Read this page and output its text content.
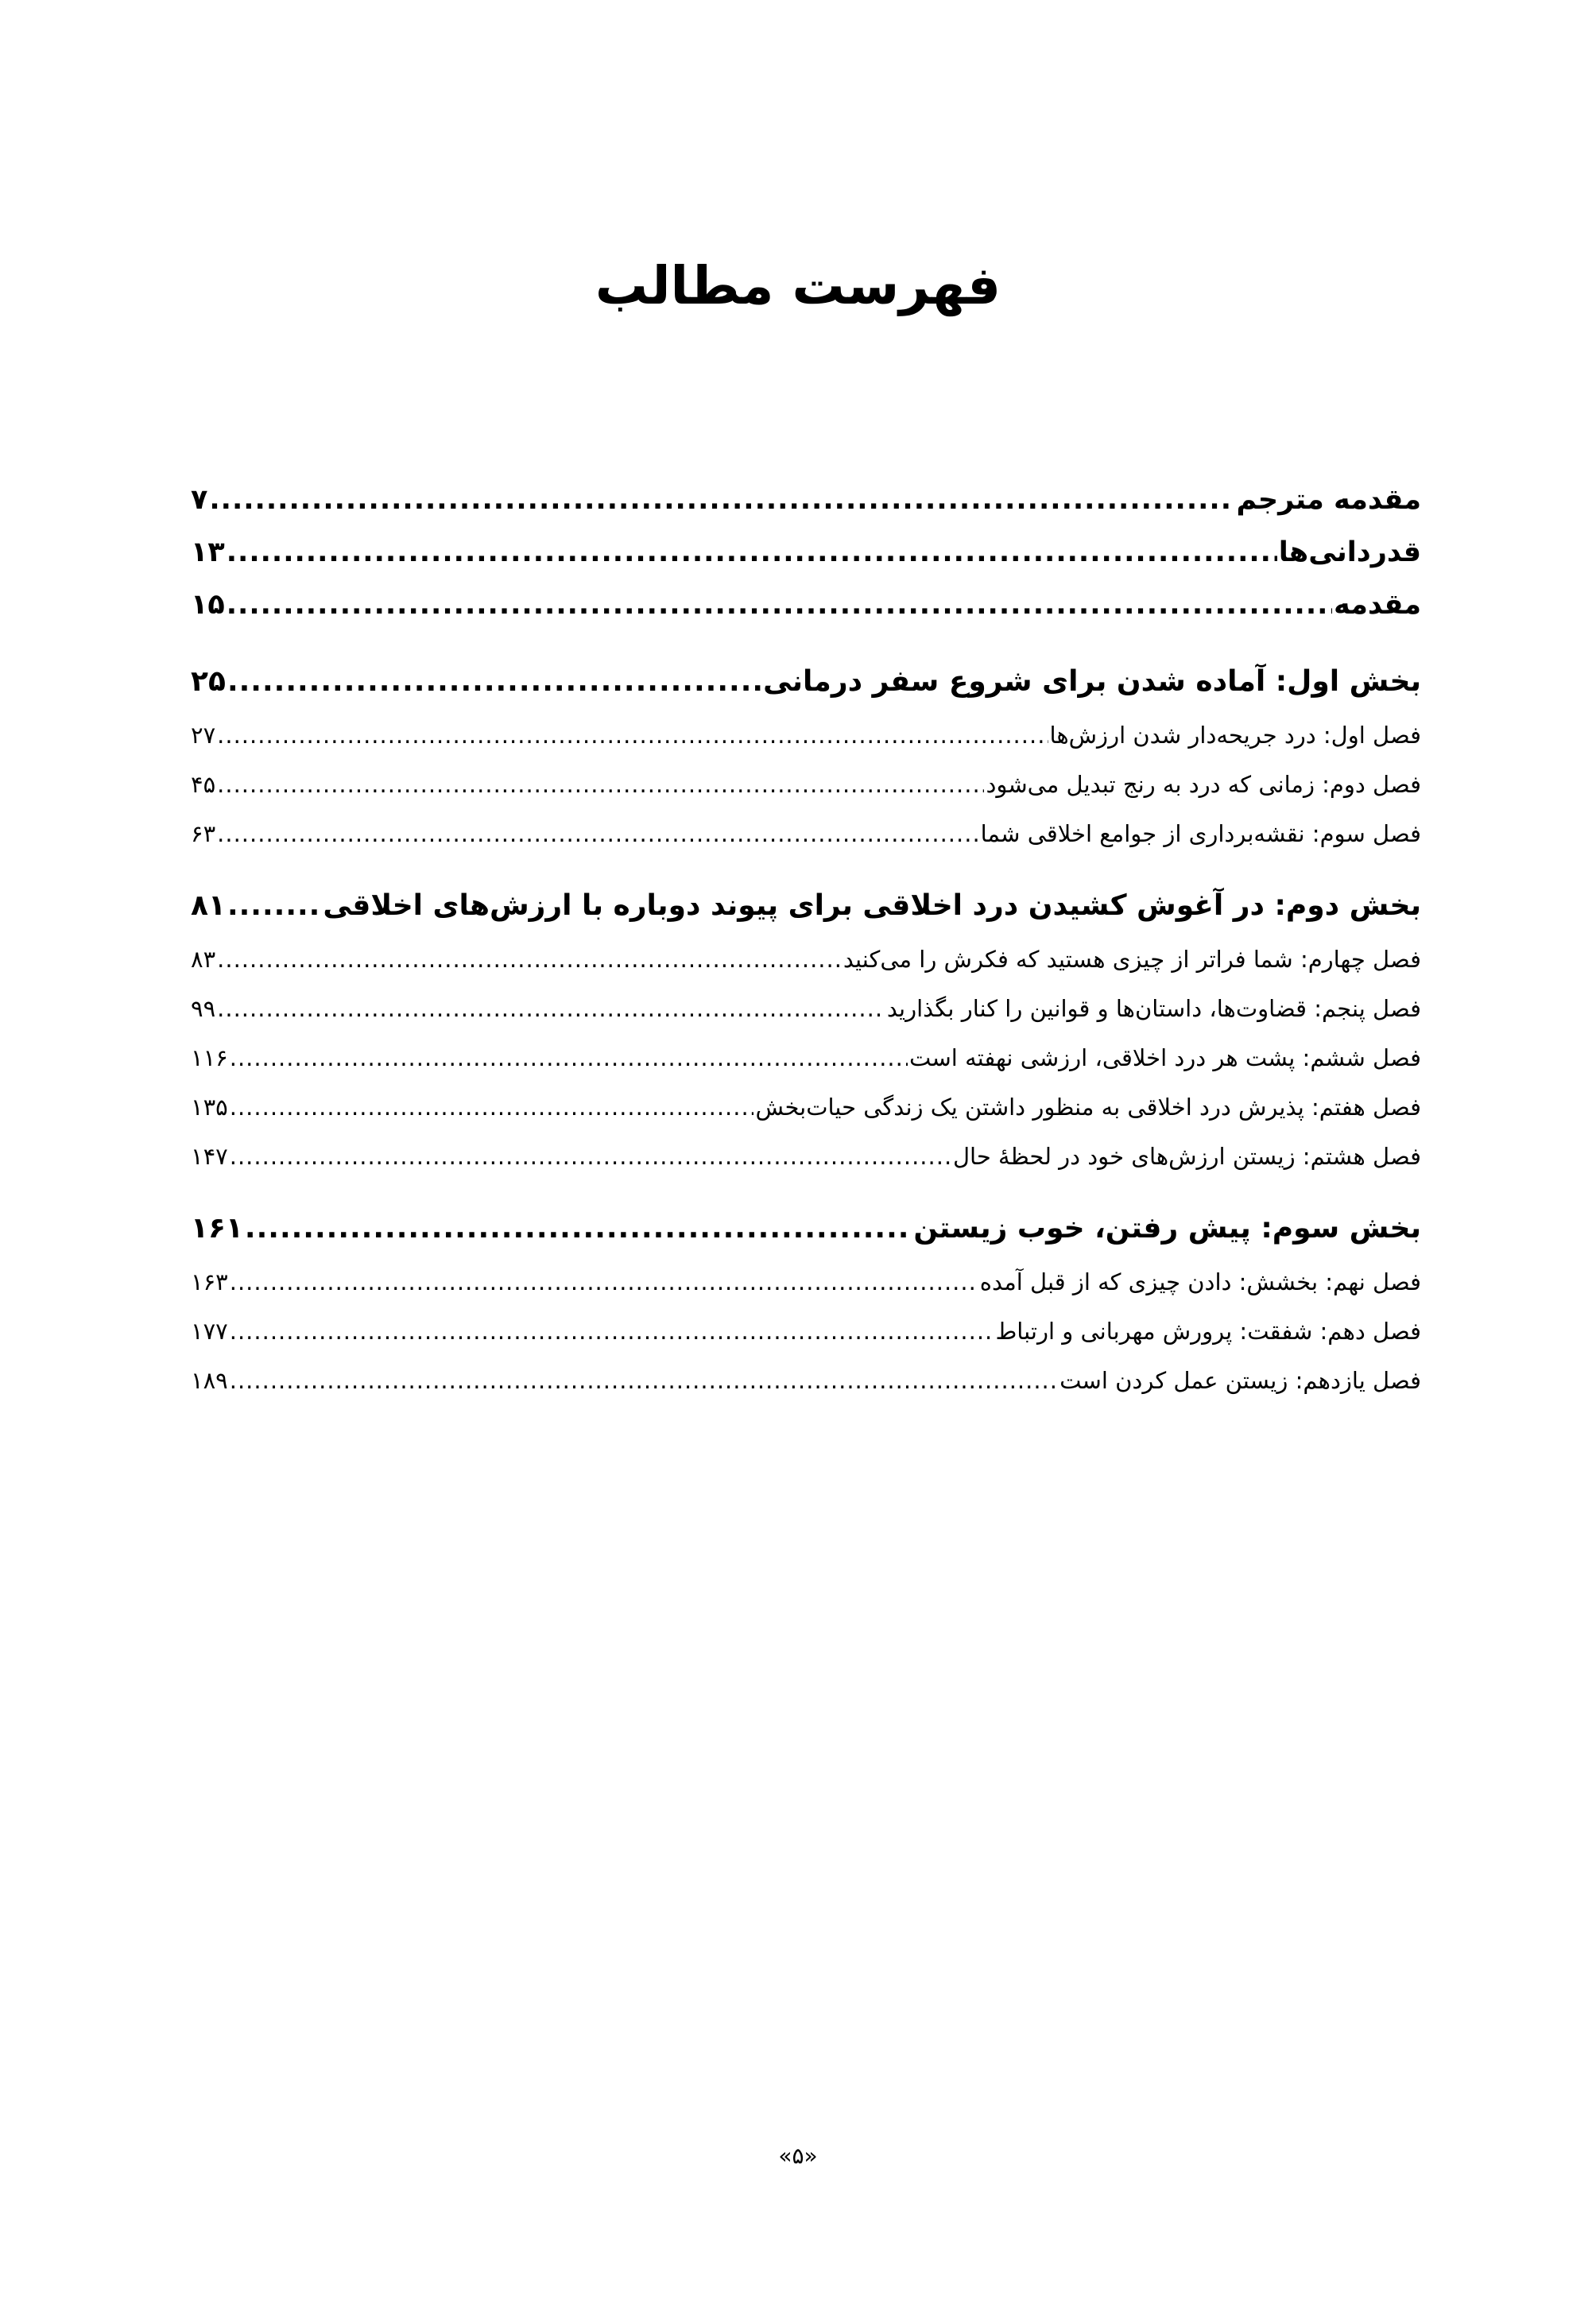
فهرست مطالب
مقدمه مترجم
.....
۷
قدردانی‌ها
.....
۱۳
مقدمه
.....
۱۵
بخش اول: آماده شدن برای شروع سفر درمانی
.....
۲۵
فصل اول: درد جریحه‌دار شدن ارزش‌ها
.....
۲۷
فصل دوم: زمانی که درد به رنج تبدیل می‌شود
.....
۴۵
فصل سوم: نقشه‌برداری از جوامع اخلاقی شما
.....
۶۳
بخش دوم: در آغوش کشیدن درد اخلاقی برای پیوند دوباره با ارزش‌های اخلاقی
.....
۸۱
فصل چهارم: شما فراتر از چیزی هستید که فکرش را می‌کنید
.....
۸۳
فصل پنجم: قضاوت‌ها، داستان‌ها و قوانین را کنار بگذارید
.....
۹۹
فصل ششم: پشت هر درد اخلاقی، ارزشی نهفته است
.....
۱۱۶
فصل هفتم: پذیرش درد اخلاقی به منظور داشتن یک زندگی حیات‌بخش
.....
۱۳۵
فصل هشتم: زیستن ارزش‌های خود در لحظهٔ حال
.....
۱۴۷
بخش سوم: پیش رفتن، خوب زیستن
.....
۱۶۱
فصل نهم: بخشش: دادن چیزی که از قبل آمده
.....
۱۶۳
فصل دهم: شفقت: پرورش مهربانی و ارتباط
.....
۱۷۷
فصل یازدهم: زیستن عمل کردن است
.....
۱۸۹
«۵»
